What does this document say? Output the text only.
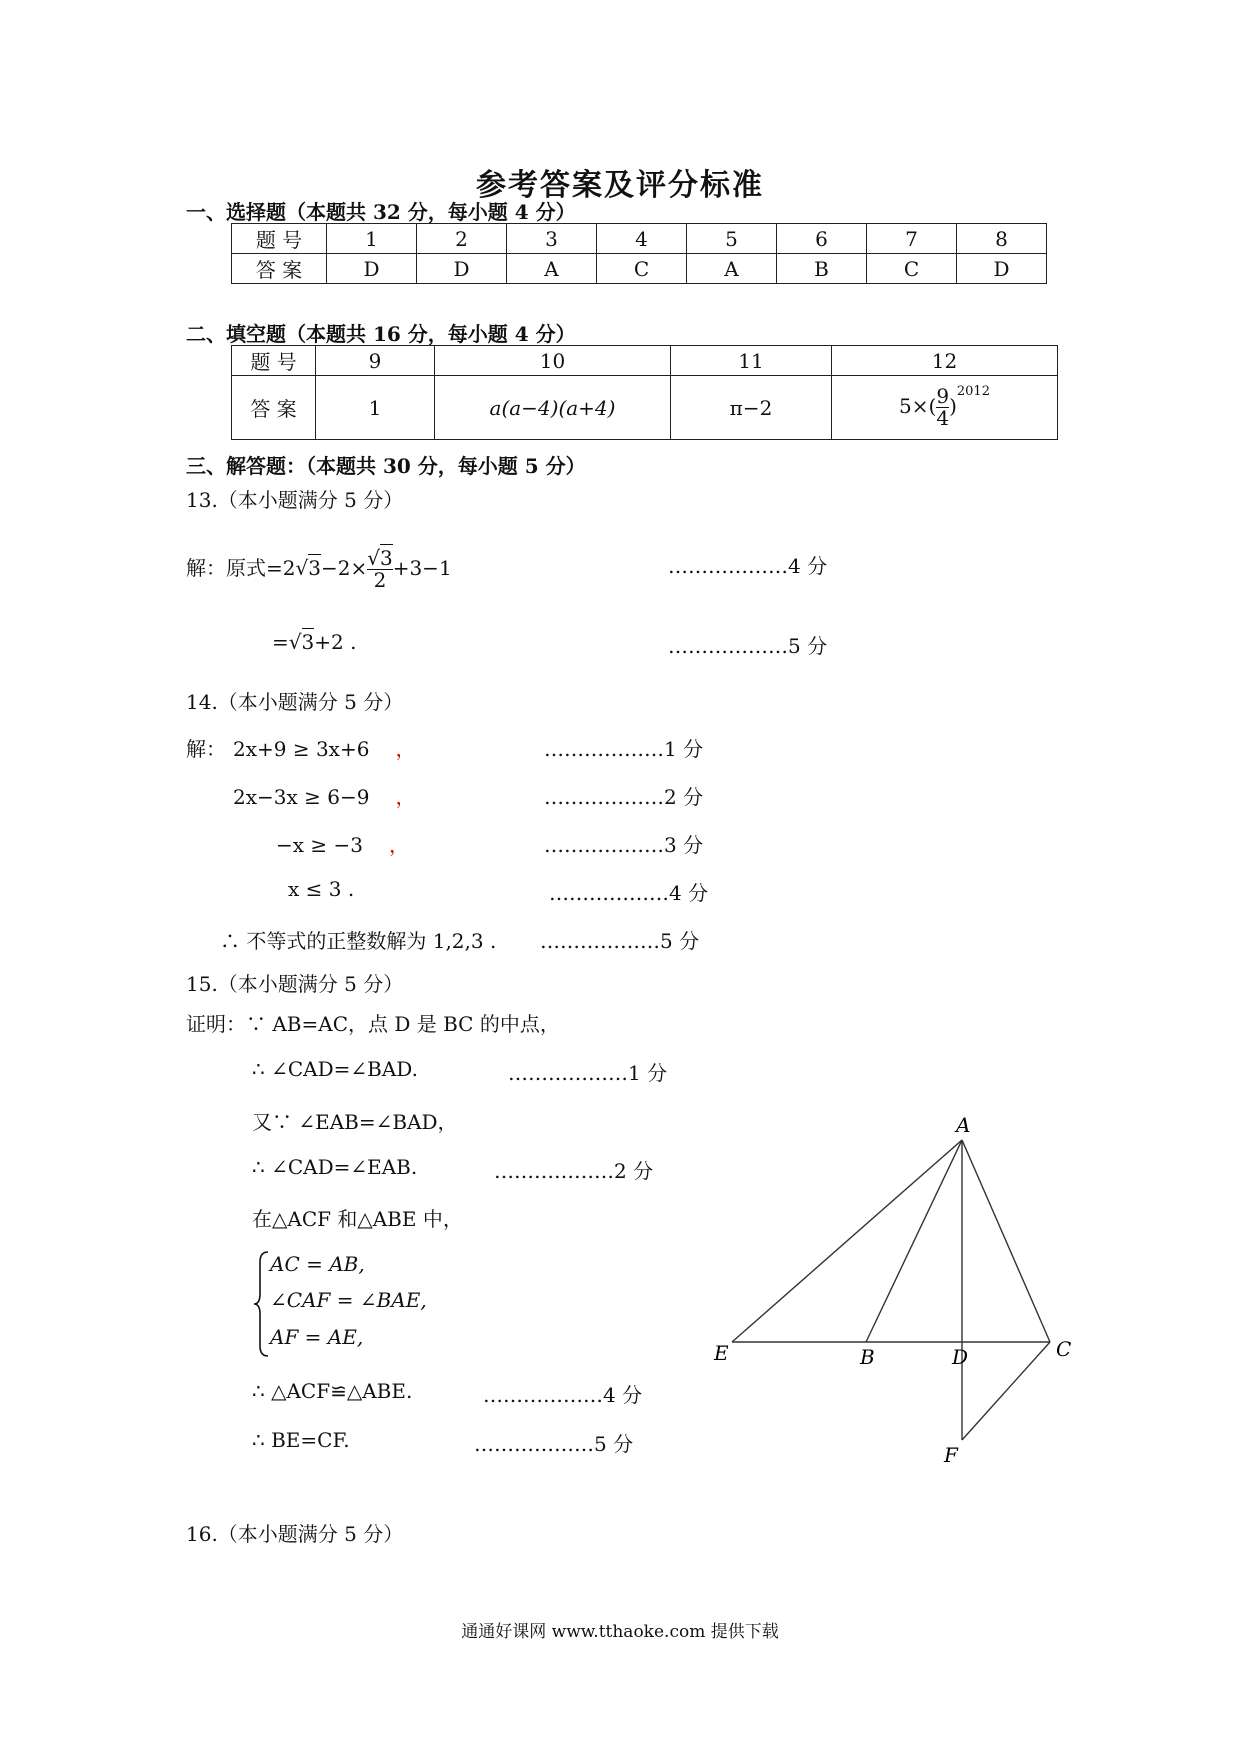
参考答案及评分标准
一、选择题（本题共 32 分，每小题 4 分）
题 号	1	2	3	4	5	6	7	8
答 案	D	D	A	C	A	B	C	D
二、填空题（本题共 16 分，每小题 4 分）
题 号	9	10	11	12
答 案	1	a(a−4)(a+4)	π−2	$5\times( \frac{9}{4} )^{2012}$
三、解答题：（本题共 30 分，每小题 5 分）
13.（本小题满分 5 分）
解：原式$=2√3-2\times \frac{√3}{2} +3-1$	………………4 分
=√3+2 .	………………5 分
14.（本小题满分 5 分）
解： 2x+9 ≥ 3x+6 ，	………………1 分
2x−3x ≥ 6−9 ，	………………2 分
−x ≥ −3 ，	………………3 分
x ≤ 3 .	………………4 分
∴ 不等式的正整数解为 1,2,3 . ………………5 分
15.（本小题满分 5 分）
证明：∵ AB=AC，点 D 是 BC 的中点，
∴ ∠CAD=∠BAD.	………………1 分
又∵ ∠EAB=∠BAD，
∴ ∠CAD=∠EAB.	………………2 分
在△ACF 和△ABE 中，
AC = AB,
∠CAF = ∠BAE,
AF = AE,
∴ △ACF≌△ABE.	………………4 分
∴ BE=CF.	………………5 分
A
E	B	D	C
F
16.（本小题满分 5 分）
通通好课网 www.tthaoke.com 提供下载
